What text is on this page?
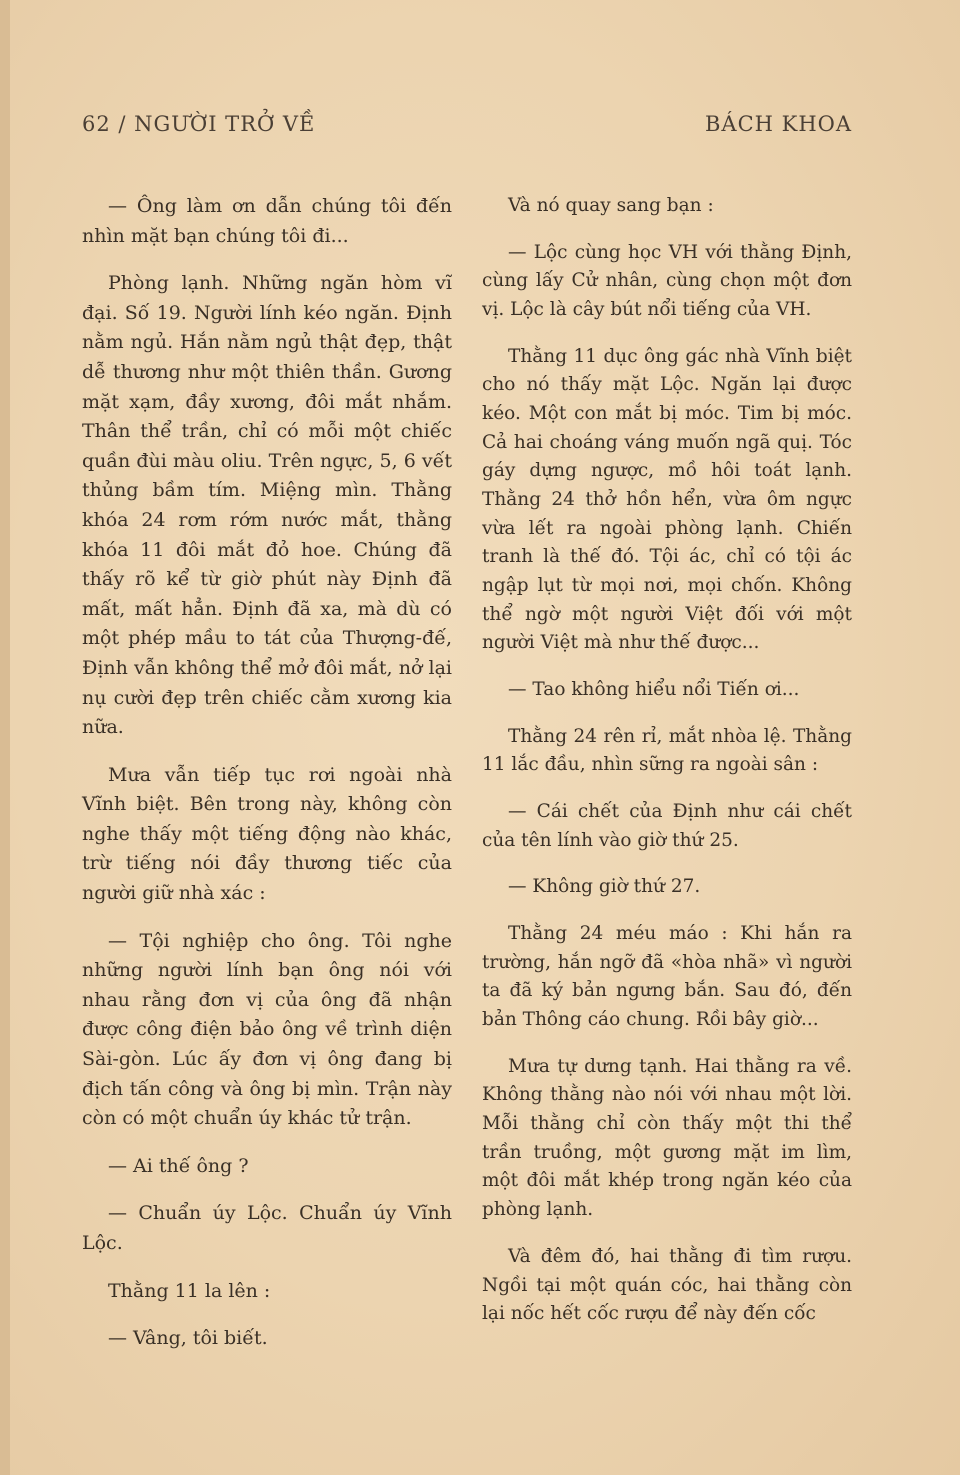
62 / NGƯỜI TRỞ VỀ	BÁCH KHOA

— Ông làm ơn dẫn chúng tôi đến nhìn mặt bạn chúng tôi đi...

Phòng lạnh. Những ngăn hòm vĩ đại. Số 19. Người lính kéo ngăn. Định nằm ngủ. Hắn nằm ngủ thật đẹp, thật dễ thương như một thiên thần. Gương mặt xạm, đầy xương, đôi mắt nhắm. Thân thể trần, chỉ có mỗi một chiếc quần đùi màu oliu. Trên ngực, 5, 6 vết thủng bầm tím. Miệng mìn. Thằng khóa 24 rơm rớm nước mắt, thằng khóa 11 đôi mắt đỏ hoe. Chúng đã thấy rõ kể từ giờ phút này Định đã mất, mất hẳn. Định đã xa, mà dù có một phép mầu to tát của Thượng-đế, Định vẫn không thể mở đôi mắt, nở lại nụ cười đẹp trên chiếc cằm xương kia nữa.

Mưa vẫn tiếp tục rơi ngoài nhà Vĩnh biệt. Bên trong này, không còn nghe thấy một tiếng động nào khác, trừ tiếng nói đầy thương tiếc của người giữ nhà xác :

— Tội nghiệp cho ông. Tôi nghe những người lính bạn ông nói với nhau rằng đơn vị của ông đã nhận được công điện bảo ông về trình diện Sài-gòn. Lúc ấy đơn vị ông đang bị địch tấn công và ông bị mìn. Trận này còn có một chuẩn úy khác tử trận.

— Ai thế ông ?

— Chuẩn úy Lộc. Chuẩn úy Vĩnh Lộc.

Thằng 11 la lên :

— Vâng, tôi biết.

Và nó quay sang bạn :

— Lộc cùng học VH với thằng Định, cùng lấy Cử nhân, cùng chọn một đơn vị. Lộc là cây bút nổi tiếng của VH.

Thằng 11 dục ông gác nhà Vĩnh biệt cho nó thấy mặt Lộc. Ngăn lại được kéo. Một con mắt bị móc. Tim bị móc. Cả hai choáng váng muốn ngã quị. Tóc gáy dựng ngược, mồ hôi toát lạnh. Thằng 24 thở hồn hển, vừa ôm ngực vừa lết ra ngoài phòng lạnh. Chiến tranh là thế đó. Tội ác, chỉ có tội ác ngập lụt từ mọi nơi, mọi chốn. Không thể ngờ một người Việt đối với một người Việt mà như thế được...

— Tao không hiểu nổi Tiến ơi...

Thằng 24 rên rỉ, mắt nhòa lệ. Thằng 11 lắc đầu, nhìn sững ra ngoài sân :

— Cái chết của Định như cái chết của tên lính vào giờ thứ 25.

— Không giờ thứ 27.

Thằng 24 méu máo : Khi hắn ra trường, hắn ngỡ đã «hòa nhã» vì người ta đã ký bản ngưng bắn. Sau đó, đến bản Thông cáo chung. Rồi bây giờ...

Mưa tự dưng tạnh. Hai thằng ra về. Không thằng nào nói với nhau một lời. Mỗi thằng chỉ còn thấy một thi thể trần truồng, một gương mặt im lìm, một đôi mắt khép trong ngăn kéo của phòng lạnh.

Và đêm đó, hai thằng đi tìm rượu. Ngồi tại một quán cóc, hai thằng còn lại nốc hết cốc rượu để này đến cốc
